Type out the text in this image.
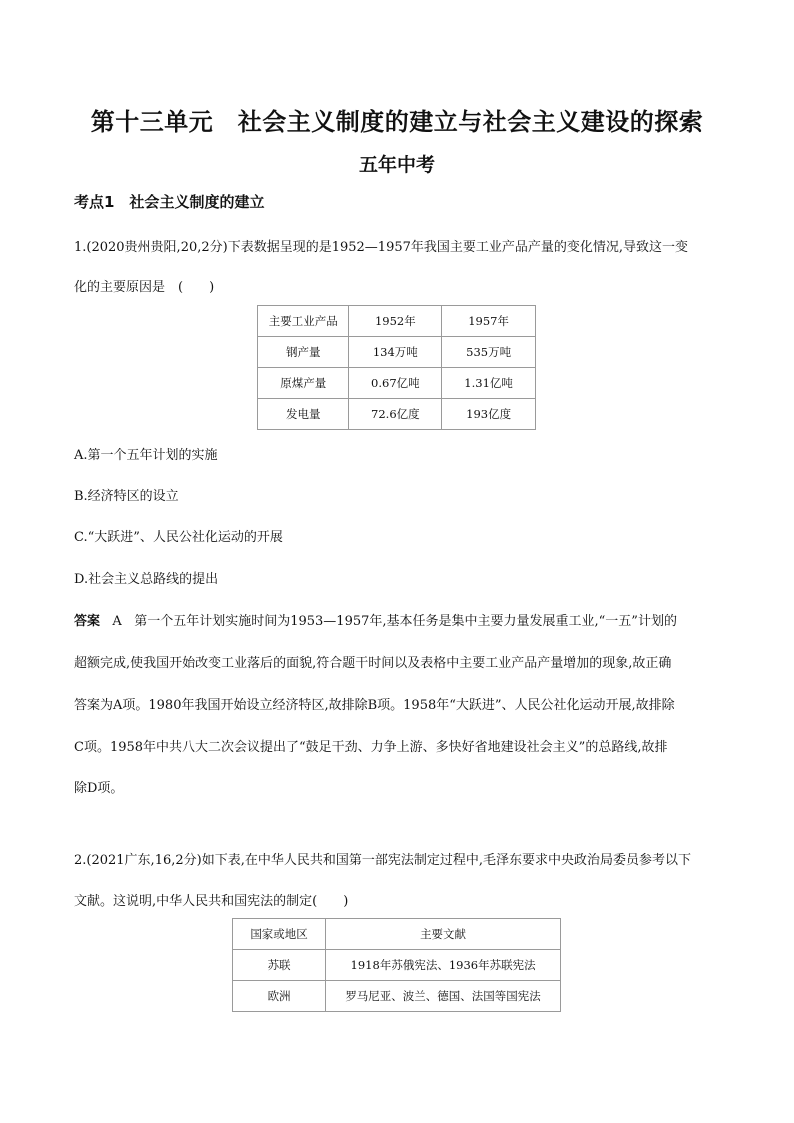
第十三单元　社会主义制度的建立与社会主义建设的探索
五年中考
考点1　社会主义制度的建立
1.(2020贵州贵阳,20,2分)下表数据呈现的是1952—1957年我国主要工业产品产量的变化情况,导致这一变
化的主要原因是　(　　)
主要工业产品	1952年	1957年
钢产量	134万吨	535万吨
原煤产量	0.67亿吨	1.31亿吨
发电量	72.6亿度	193亿度
A.第一个五年计划的实施
B.经济特区的设立
C.“大跃进”、人民公社化运动的开展
D.社会主义总路线的提出
答案 A 第一个五年计划实施时间为1953—1957年,基本任务是集中主要力量发展重工业,“一五”计划的
超额完成,使我国开始改变工业落后的面貌,符合题干时间以及表格中主要工业产品产量增加的现象,故正确
答案为A项。1980年我国开始设立经济特区,故排除B项。1958年“大跃进”、人民公社化运动开展,故排除
C项。1958年中共八大二次会议提出了“鼓足干劲、力争上游、多快好省地建设社会主义”的总路线,故排
除D项。
2.(2021广东,16,2分)如下表,在中华人民共和国第一部宪法制定过程中,毛泽东要求中央政治局委员参考以下
文献。这说明,中华人民共和国宪法的制定(　　)
国家或地区	主要文献
苏联	1918年苏俄宪法、1936年苏联宪法
欧洲	罗马尼亚、波兰、德国、法国等国宪法
